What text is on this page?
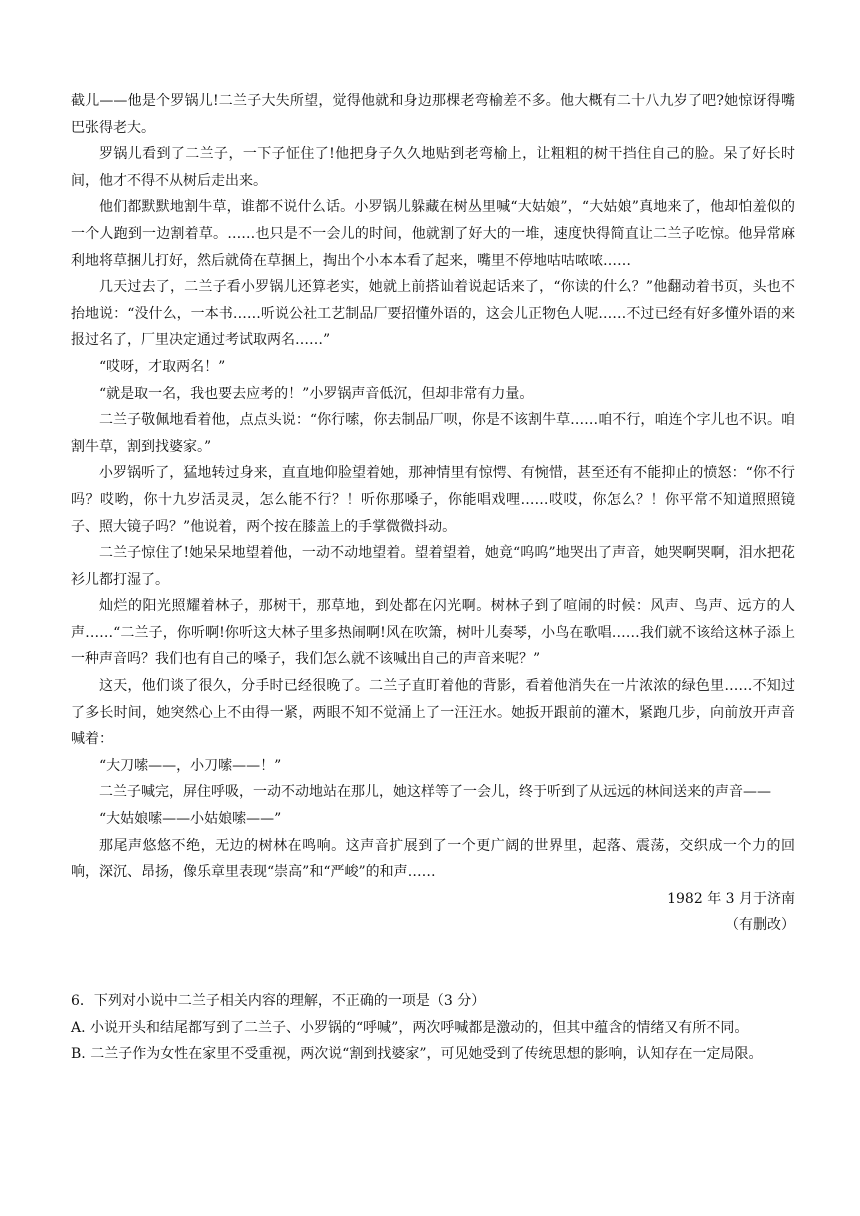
截儿——他是个罗锅儿!二兰子大失所望，觉得他就和身边那棵老弯榆差不多。他大概有二十八九岁了吧?她惊讶得嘴巴张得老大。

罗锅儿看到了二兰子，一下子怔住了!他把身子久久地贴到老弯榆上，让粗粗的树干挡住自己的脸。呆了好长时间，他才不得不从树后走出来。

他们都默默地割牛草，谁都不说什么话。小罗锅儿躲藏在树丛里喊“大姑娘”，“大姑娘”真地来了，他却怕羞似的一个人跑到一边割着草。……也只是不一会儿的时间，他就割了好大的一堆，速度快得简直让二兰子吃惊。他异常麻利地将草捆儿打好，然后就倚在草捆上，掏出个小本本看了起来，嘴里不停地咕咕哝哝……

几天过去了，二兰子看小罗锅儿还算老实，她就上前搭讪着说起话来了，“你读的什么？”他翻动着书页，头也不抬地说：“没什么，一本书……听说公社工艺制品厂要招懂外语的，这会儿正物色人呢……不过已经有好多懂外语的来报过名了，厂里决定通过考试取两名……”

“哎呀，才取两名！”

“就是取一名，我也要去应考的！”小罗锅声音低沉，但却非常有力量。

二兰子敬佩地看着他，点点头说：“你行嗦，你去制品厂呗，你是不该割牛草……咱不行，咱连个字儿也不识。咱割牛草，割到找婆家。”

小罗锅听了，猛地转过身来，直直地仰脸望着她，那神情里有惊愕、有惋惜，甚至还有不能抑止的愤怒：“你不行吗？哎哟，你十九岁活灵灵，怎么能不行？！听你那嗓子，你能唱戏哩……哎哎，你怎么？！你平常不知道照照镜子、照大镜子吗？”他说着，两个按在膝盖上的手掌微微抖动。

二兰子惊住了!她呆呆地望着他，一动不动地望着。望着望着，她竟“呜呜”地哭出了声音，她哭啊哭啊，泪水把花衫儿都打湿了。

灿烂的阳光照耀着林子，那树干，那草地，到处都在闪光啊。树林子到了喧闹的时候：风声、鸟声、远方的人声……“二兰子，你听啊!你听这大林子里多热闹啊!风在吹箫，树叶儿奏琴，小鸟在歌唱……我们就不该给这林子添上一种声音吗？我们也有自己的嗓子，我们怎么就不该喊出自己的声音来呢？”

这天，他们谈了很久，分手时已经很晚了。二兰子直盯着他的背影，看着他消失在一片浓浓的绿色里……不知过了多长时间，她突然心上不由得一紧，两眼不知不觉涌上了一汪汪水。她扳开跟前的灌木，紧跑几步，向前放开声音喊着：

“大刀嗦——，小刀嗦——！”

二兰子喊完，屏住呼吸，一动不动地站在那儿，她这样等了一会儿，终于听到了从远远的林间送来的声音——

“大姑娘嗦——小姑娘嗦——”

那尾声悠悠不绝，无边的树林在鸣响。这声音扩展到了一个更广阔的世界里，起落、震荡，交织成一个力的回响，深沉、昂扬，像乐章里表现“崇高”和“严峻”的和声……

1982 年 3 月于济南

（有删改）

6．下列对小说中二兰子相关内容的理解，不正确的一项是（3 分）

A. 小说开头和结尾都写到了二兰子、小罗锅的“呼喊”，两次呼喊都是激动的，但其中蕴含的情绪又有所不同。

B. 二兰子作为女性在家里不受重视，两次说“割到找婆家”，可见她受到了传统思想的影响，认知存在一定局限。
